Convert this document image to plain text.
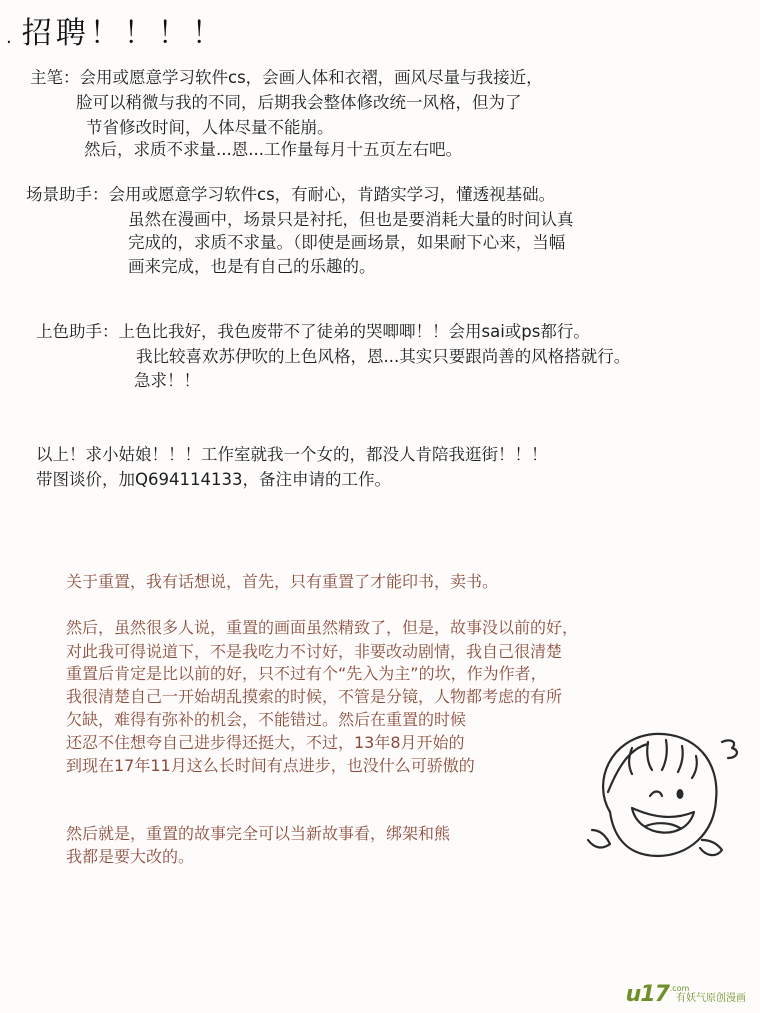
. 招聘！！！！
主笔：会用或愿意学习软件cs，会画人体和衣褶，画风尽量与我接近，
脸可以稍微与我的不同，后期我会整体修改统一风格，但为了
节省修改时间，人体尽量不能崩。
然后，求质不求量...恩...工作量每月十五页左右吧。
场景助手：会用或愿意学习软件cs，有耐心，肯踏实学习，懂透视基础。
虽然在漫画中，场景只是衬托，但也是要消耗大量的时间认真
完成的，求质不求量。（即使是画场景，如果耐下心来，当幅
画来完成，也是有自己的乐趣的。
上色助手：上色比我好，我色废带不了徒弟的哭唧唧！！会用sai或ps都行。
我比较喜欢苏伊吹的上色风格，恩...其实只要跟尚善的风格搭就行。
急求！！
以上！求小姑娘！！！工作室就我一个女的，都没人肯陪我逛街！！！
带图谈价，加Q694114133，备注申请的工作。
关于重置，我有话想说，首先，只有重置了才能印书，卖书。
然后，虽然很多人说，重置的画面虽然精致了，但是，故事没以前的好，
对此我可得说道下，不是我吃力不讨好，非要改动剧情，我自己很清楚
重置后肯定是比以前的好，只不过有个“先入为主”的坎，作为作者，
我很清楚自己一开始胡乱摸索的时候，不管是分镜，人物都考虑的有所
欠缺，难得有弥补的机会，不能错过。然后在重置的时候
还忍不住想夸自己进步得还挺大，不过，13年8月开始的
到现在17年11月这么长时间有点进步，也没什么可骄傲的
然后就是，重置的故事完全可以当新故事看，绑架和熊
我都是要大改的。
u17 .com
有妖气原创漫画
